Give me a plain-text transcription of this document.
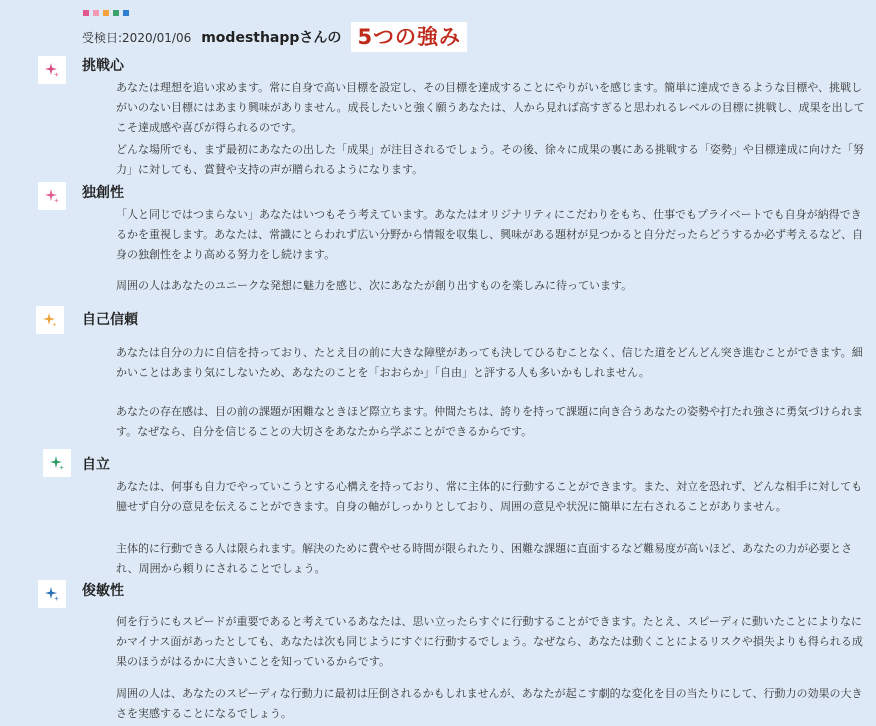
受検日:2020/01/06 modesthappさんの 5つの強み
挑戦心

あなたは理想を追い求めます。常に自身で高い目標を設定し、その目標を達成することにやりがいを感じます。簡単に達成できるような目標や、挑戦しがいのない目標にはあまり興味がありません。成長したいと強く願うあなたは、人から見れば高すぎると思われるレベルの目標に挑戦し、成果を出してこそ達成感や喜びが得られるのです。

どんな場所でも、まず最初にあなたの出した「成果」が注目されるでしょう。その後、徐々に成果の裏にある挑戦する「姿勢」や目標達成に向けた「努力」に対しても、賞賛や支持の声が贈られるようになります。

独創性

「人と同じではつまらない」あなたはいつもそう考えています。あなたはオリジナリティにこだわりをもち、仕事でもプライベートでも自身が納得できるかを重視します。あなたは、常識にとらわれず広い分野から情報を収集し、興味がある題材が見つかると自分だったらどうするか必ず考えるなど、自身の独創性をより高める努力をし続けます。

周囲の人はあなたのユニークな発想に魅力を感じ、次にあなたが創り出すものを楽しみに待っています。

自己信頼

あなたは自分の力に自信を持っており、たとえ目の前に大きな障壁があっても決してひるむことなく、信じた道をどんどん突き進むことができます。細かいことはあまり気にしないため、あなたのことを「おおらか」「自由」と評する人も多いかもしれません。

あなたの存在感は、目の前の課題が困難なときほど際立ちます。仲間たちは、誇りを持って課題に向き合うあなたの姿勢や打たれ強さに勇気づけられます。なぜなら、自分を信じることの大切さをあなたから学ぶことができるからです。

自立

あなたは、何事も自力でやっていこうとする心構えを持っており、常に主体的に行動することができます。また、対立を恐れず、どんな相手に対しても臆せず自分の意見を伝えることができます。自身の軸がしっかりとしており、周囲の意見や状況に簡単に左右されることがありません。

主体的に行動できる人は限られます。解決のために費やせる時間が限られたり、困難な課題に直面するなど難易度が高いほど、あなたの力が必要とされ、周囲から頼りにされることでしょう。

俊敏性

何を行うにもスピードが重要であると考えているあなたは、思い立ったらすぐに行動することができます。たとえ、スピーディに動いたことによりなにかマイナス面があったとしても、あなたは次も同じようにすぐに行動するでしょう。なぜなら、あなたは動くことによるリスクや損失よりも得られる成果のほうがはるかに大きいことを知っているからです。

周囲の人は、あなたのスピーディな行動力に最初は圧倒されるかもしれませんが、あなたが起こす劇的な変化を目の当たりにして、行動力の効果の大きさを実感することになるでしょう。
